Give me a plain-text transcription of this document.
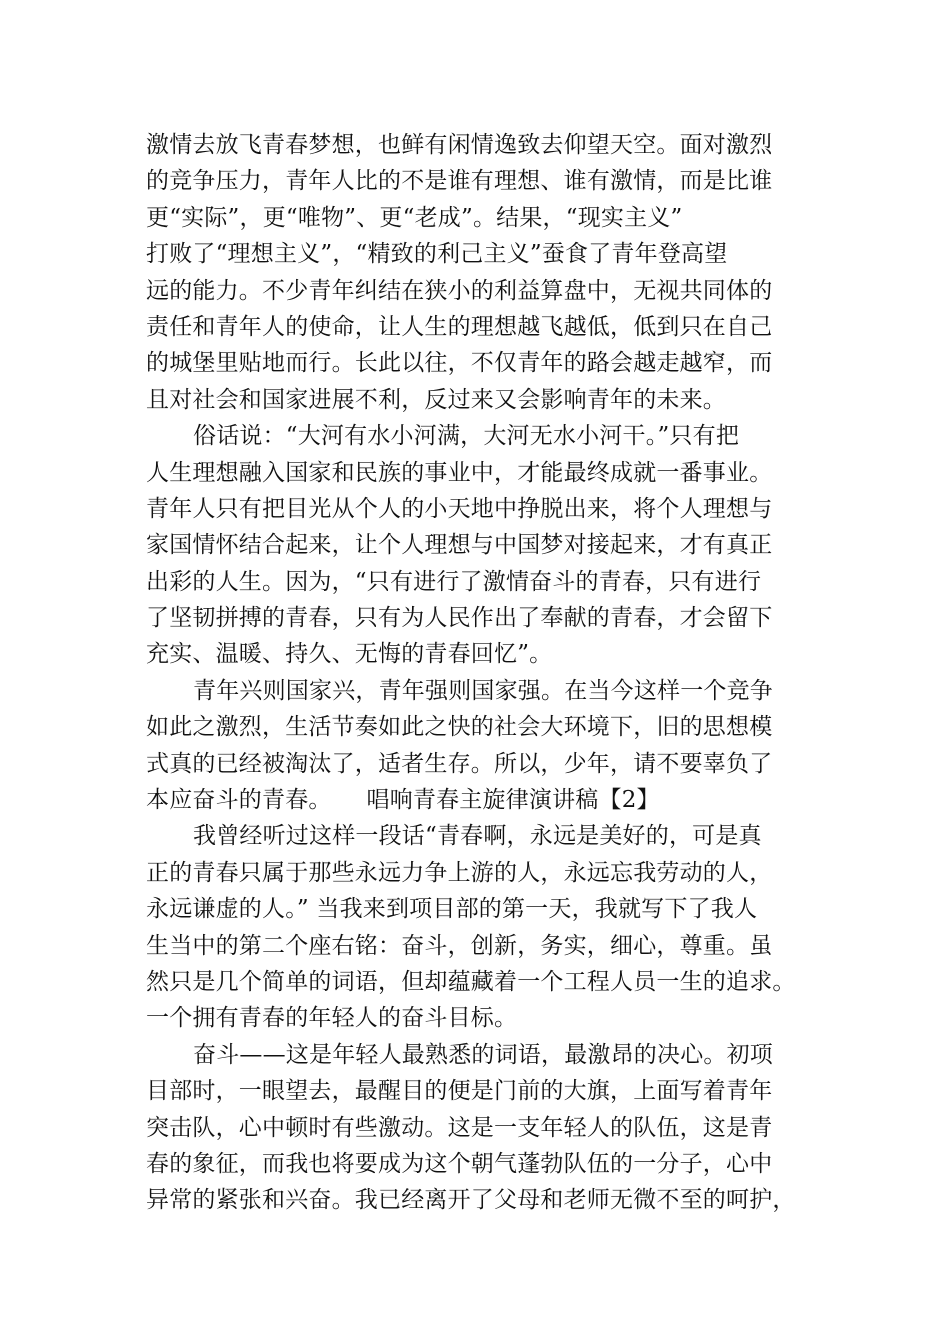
激情去放飞青春梦想，也鲜有闲情逸致去仰望天空。面对激烈
的竞争压力，青年人比的不是谁有理想、谁有激情，而是比谁
更“实际”，更“唯物”、更“老成”。结果，“现实主义”
打败了“理想主义”，“精致的利己主义”蚕食了青年登高望
远的能力。不少青年纠结在狭小的利益算盘中，无视共同体的
责任和青年人的使命，让人生的理想越飞越低，低到只在自己
的城堡里贴地而行。长此以往，不仅青年的路会越走越窄，而
且对社会和国家进展不利，反过来又会影响青年的未来。
俗话说：“大河有水小河满，大河无水小河干。”只有把
人生理想融入国家和民族的事业中，才能最终成就一番事业。
青年人只有把目光从个人的小天地中挣脱出来，将个人理想与
家国情怀结合起来，让个人理想与中国梦对接起来，才有真正
出彩的人生。因为，“只有进行了激情奋斗的青春，只有进行
了坚韧拼搏的青春，只有为人民作出了奉献的青春，才会留下
充实、温暖、持久、无悔的青春回忆”。
青年兴则国家兴，青年强则国家强。在当今这样一个竞争
如此之激烈，生活节奏如此之快的社会大环境下，旧的思想模
式真的已经被淘汰了，适者生存。所以，少年，请不要辜负了
本应奋斗的青春。　　唱响青春主旋律演讲稿【2】
我曾经听过这样一段话“青春啊，永远是美好的，可是真
正的青春只属于那些永远力争上游的人，永远忘我劳动的人，
永远谦虚的人。” 当我来到项目部的第一天，我就写下了我人
生当中的第二个座右铭：奋斗，创新，务实，细心，尊重。虽
然只是几个简单的词语，但却蕴藏着一个工程人员一生的追求。
一个拥有青春的年轻人的奋斗目标。
奋斗——这是年轻人最熟悉的词语，最激昂的决心。初项
目部时，一眼望去，最醒目的便是门前的大旗，上面写着青年
突击队，心中顿时有些激动。这是一支年轻人的队伍，这是青
春的象征，而我也将要成为这个朝气蓬勃队伍的一分子，心中
异常的紧张和兴奋。我已经离开了父母和老师无微不至的呵护，
